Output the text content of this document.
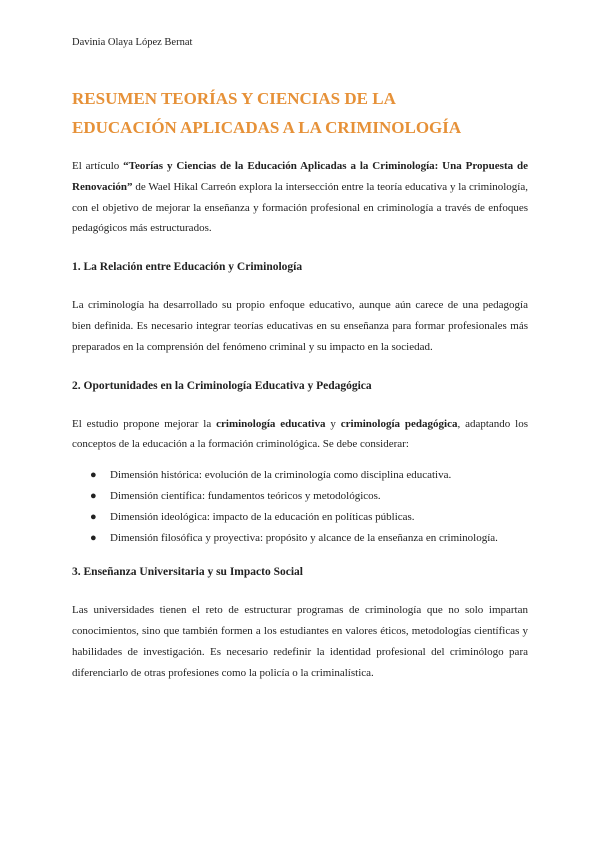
Davinia Olaya López Bernat
RESUMEN TEORÍAS Y CIENCIAS DE LA
EDUCACIÓN APLICADAS A LA CRIMINOLOGÍA

El artículo “Teorías y Ciencias de la Educación Aplicadas a la Criminología: Una Propuesta de Renovación” de Wael Hikal Carreón explora la intersección entre la teoría educativa y la criminología, con el objetivo de mejorar la enseñanza y formación profesional en criminología a través de enfoques pedagógicos más estructurados.

1. La Relación entre Educación y Criminología

La criminología ha desarrollado su propio enfoque educativo, aunque aún carece de una pedagogía bien definida. Es necesario integrar teorías educativas en su enseñanza para formar profesionales más preparados en la comprensión del fenómeno criminal y su impacto en la sociedad.

2. Oportunidades en la Criminología Educativa y Pedagógica

El estudio propone mejorar la criminología educativa y criminología pedagógica, adaptando los conceptos de la educación a la formación criminológica. Se debe considerar:

● Dimensión histórica: evolución de la criminología como disciplina educativa.
● Dimensión científica: fundamentos teóricos y metodológicos.
● Dimensión ideológica: impacto de la educación en políticas públicas.
● Dimensión filosófica y proyectiva: propósito y alcance de la enseñanza en criminología.
3. Enseñanza Universitaria y su Impacto Social

Las universidades tienen el reto de estructurar programas de criminología que no solo impartan conocimientos, sino que también formen a los estudiantes en valores éticos, metodologías científicas y habilidades de investigación. Es necesario redefinir la identidad profesional del criminólogo para diferenciarlo de otras profesiones como la policía o la criminalística.
